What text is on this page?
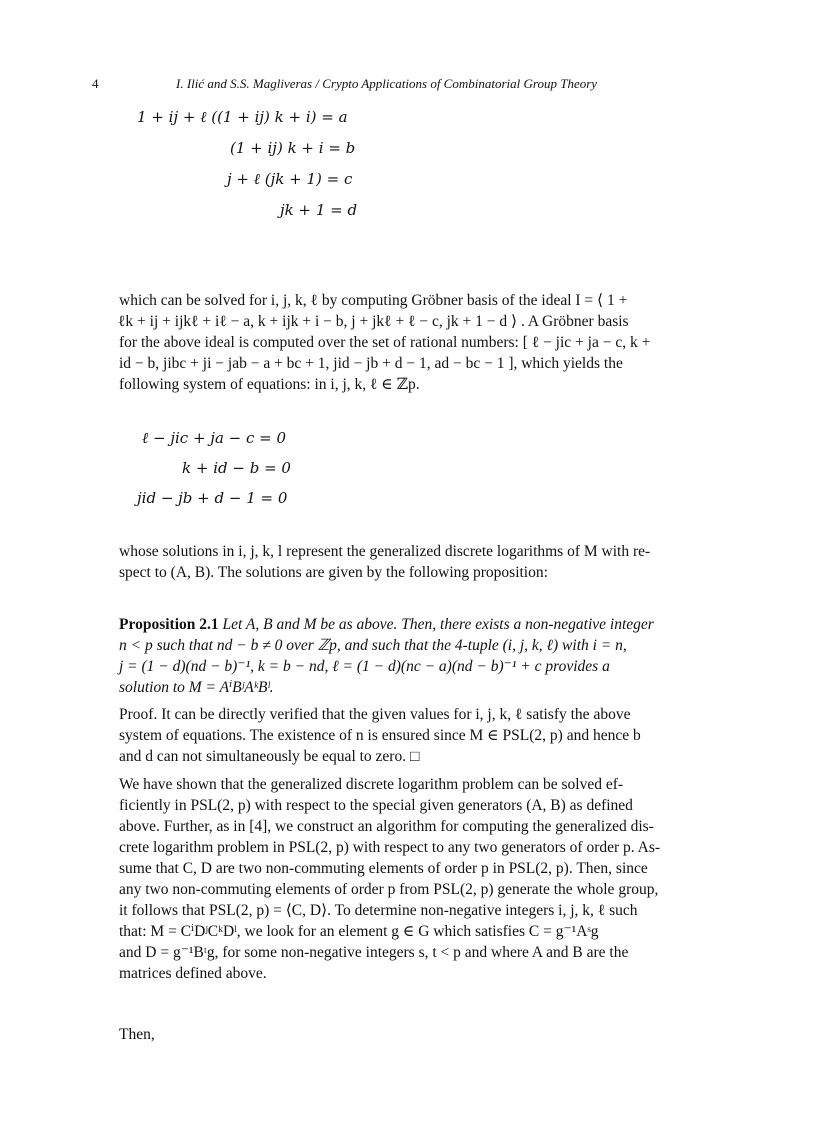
4	I. Ilić and S.S. Magliveras / Crypto Applications of Combinatorial Group Theory
1 + ij + ℓ ((1 + ij) k + i) = a
(1 + ij) k + i = b
j + ℓ (jk + 1) = c
jk + 1 = d
which can be solved for i, j, k, ℓ by computing Gröbner basis of the ideal I = ⟨ 1 +
ℓk + ij + ijkℓ + iℓ − a, k + ijk + i − b, j + jkℓ + ℓ − c, jk + 1 − d ⟩ . A Gröbner basis
for the above ideal is computed over the set of rational numbers: [ ℓ − jic + ja − c, k +
id − b, jibc + ji − jab − a + bc + 1, jid − jb + d − 1, ad − bc − 1 ], which yields the
following system of equations: in i, j, k, ℓ ∈ ℤp.
ℓ − jic + ja − c = 0
k + id − b = 0
jid − jb + d − 1 = 0
whose solutions in i, j, k, l represent the generalized discrete logarithms of M with re-
spect to (A, B). The solutions are given by the following proposition:
Proposition 2.1 Let A, B and M be as above. Then, there exists a non-negative integer
n < p such that nd − b ≠ 0 over ℤp, and such that the 4-tuple (i, j, k, ℓ) with i = n,
j = (1 − d)(nd − b)⁻¹, k = b − nd, ℓ = (1 − d)(nc − a)(nd − b)⁻¹ + c provides a
solution to M = AⁱBʲAᵏBˡ.
Proof. It can be directly verified that the given values for i, j, k, ℓ satisfy the above
system of equations. The existence of n is ensured since M ∈ PSL(2, p) and hence b
and d can not simultaneously be equal to zero. □
We have shown that the generalized discrete logarithm problem can be solved ef-
ficiently in PSL(2, p) with respect to the special given generators (A, B) as defined
above. Further, as in [4], we construct an algorithm for computing the generalized dis-
crete logarithm problem in PSL(2, p) with respect to any two generators of order p. As-
sume that C, D are two non-commuting elements of order p in PSL(2, p). Then, since
any two non-commuting elements of order p from PSL(2, p) generate the whole group,
it follows that PSL(2, p) = ⟨C, D⟩. To determine non-negative integers i, j, k, ℓ such
that: M = CⁱDʲCᵏDˡ, we look for an element g ∈ G which satisfies C = g⁻¹Aˢg
and D = g⁻¹Bᵗg, for some non-negative integers s, t < p and where A and B are the
matrices defined above.
Then,
